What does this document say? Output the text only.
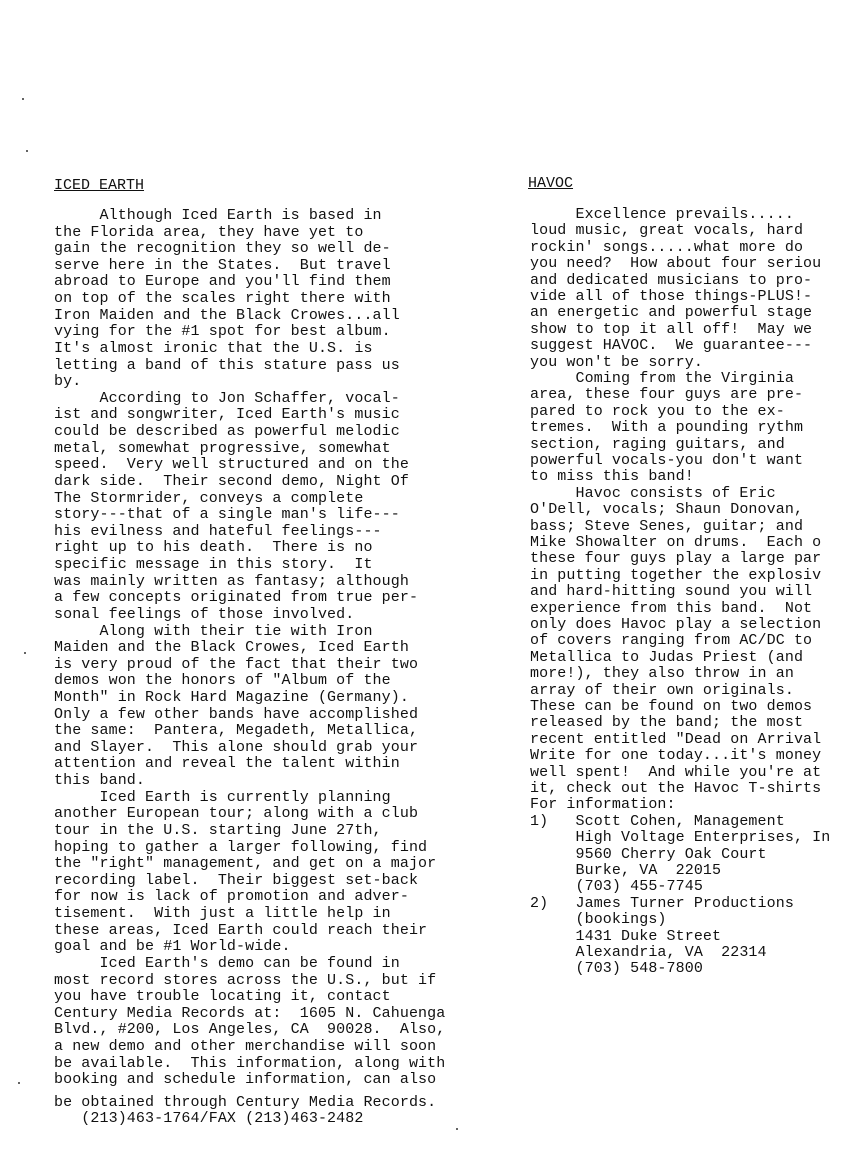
ICED EARTH
Although Iced Earth is based in
the Florida area, they have yet to
gain the recognition they so well de-
serve here in the States.  But travel
abroad to Europe and you'll find them
on top of the scales right there with
Iron Maiden and the Black Crowes...all
vying for the #1 spot for best album.
It's almost ironic that the U.S. is
letting a band of this stature pass us
by.
According to Jon Schaffer, vocal-
ist and songwriter, Iced Earth's music
could be described as powerful melodic
metal, somewhat progressive, somewhat
speed.  Very well structured and on the
dark side.  Their second demo, Night Of
The Stormrider, conveys a complete
story---that of a single man's life---
his evilness and hateful feelings---
right up to his death.  There is no
specific message in this story.  It
was mainly written as fantasy; although
a few concepts originated from true per-
sonal feelings of those involved.
Along with their tie with Iron
Maiden and the Black Crowes, Iced Earth
is very proud of the fact that their two
demos won the honors of "Album of the
Month" in Rock Hard Magazine (Germany).
Only a few other bands have accomplished
the same:  Pantera, Megadeth, Metallica,
and Slayer.  This alone should grab your
attention and reveal the talent within
this band.
Iced Earth is currently planning
another European tour; along with a club
tour in the U.S. starting June 27th,
hoping to gather a larger following, find
the "right" management, and get on a major
recording label.  Their biggest set-back
for now is lack of promotion and adver-
tisement.  With just a little help in
these areas, Iced Earth could reach their
goal and be #1 World-wide.
Iced Earth's demo can be found in
most record stores across the U.S., but if
you have trouble locating it, contact
Century Media Records at:  1605 N. Cahuenga
Blvd., #200, Los Angeles, CA  90028.  Also,
a new demo and other merchandise will soon
be available.  This information, along with
booking and schedule information, can also
be obtained through Century Media Records.
(213)463-1764/FAX (213)463-2482
HAVOC
Excellence prevails.....
loud music, great vocals, hard
rockin' songs.....what more do
you need?  How about four seriou
and dedicated musicians to pro-
vide all of those things-PLUS!-
an energetic and powerful stage
show to top it all off!  May we
suggest HAVOC.  We guarantee---
you won't be sorry.
Coming from the Virginia
area, these four guys are pre-
pared to rock you to the ex-
tremes.  With a pounding rythm
section, raging guitars, and
powerful vocals-you don't want
to miss this band!
Havoc consists of Eric
O'Dell, vocals; Shaun Donovan,
bass; Steve Senes, guitar; and
Mike Showalter on drums.  Each o
these four guys play a large par
in putting together the explosiv
and hard-hitting sound you will
experience from this band.  Not
only does Havoc play a selection
of covers ranging from AC/DC to
Metallica to Judas Priest (and
more!), they also throw in an
array of their own originals.
These can be found on two demos
released by the band; the most
recent entitled "Dead on Arrival
Write for one today...it's money
well spent!  And while you're at
it, check out the Havoc T-shirts
For information:
1)   Scott Cohen, Management
High Voltage Enterprises, In
9560 Cherry Oak Court
Burke, VA  22015
(703) 455-7745
2)   James Turner Productions
(bookings)
1431 Duke Street
Alexandria, VA  22314
(703) 548-7800
